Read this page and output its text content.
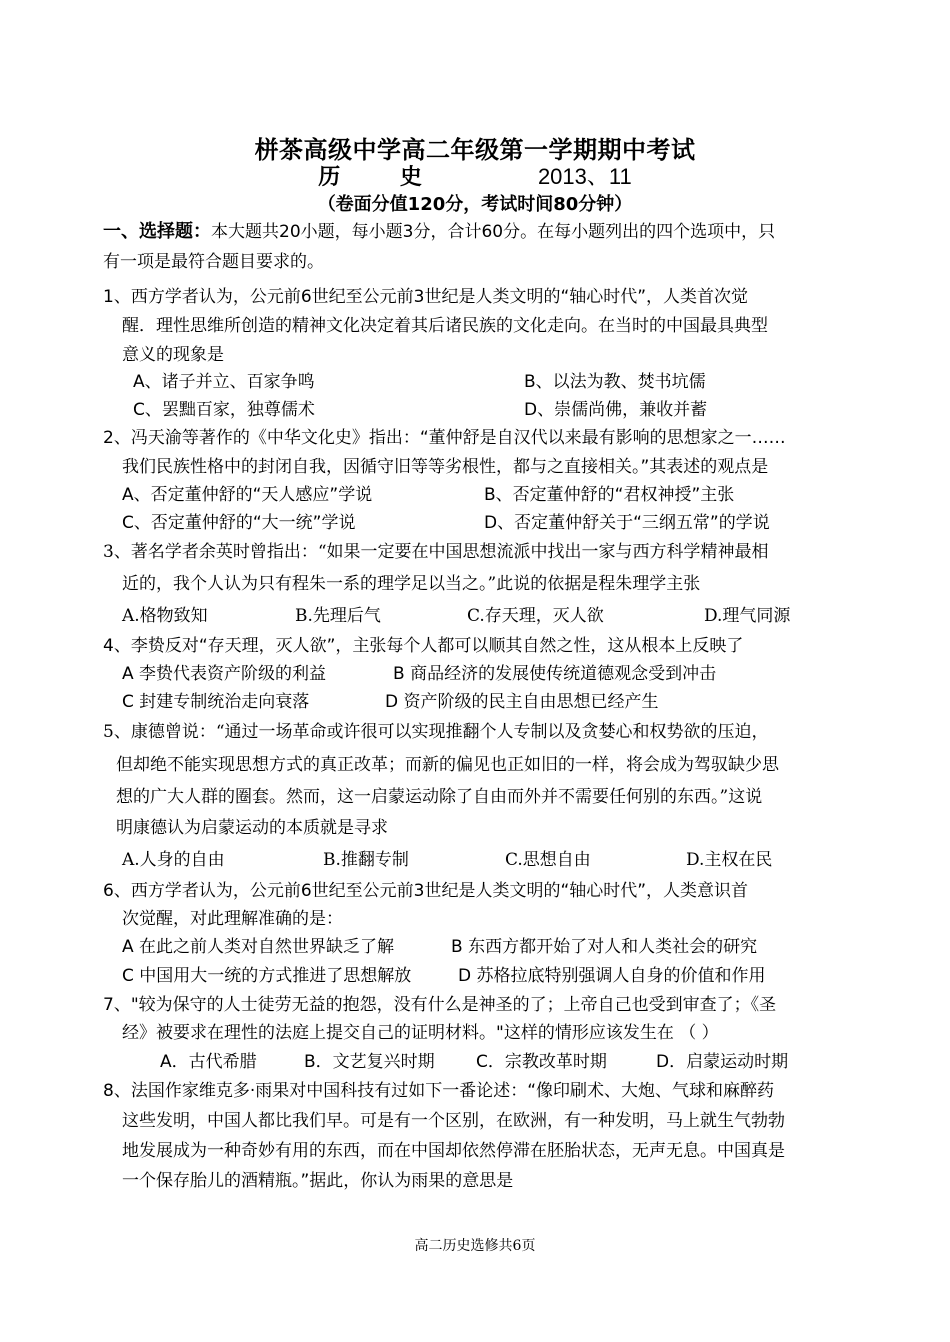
栟茶高级中学高二年级第一学期期中考试
历 史	2013、11
（卷面分值120分，考试时间80分钟）
一、选择题：本大题共20小题，每小题3分，合计60分。在每小题列出的四个选项中，只
有一项是最符合题目要求的。
1、西方学者认为，公元前6世纪至公元前3世纪是人类文明的“轴心时代”，人类首次觉
醒．理性思维所创造的精神文化决定着其后诸民族的文化走向。在当时的中国最具典型
意义的现象是
A、诸子并立、百家争鸣	B、以法为教、焚书坑儒
C、罢黜百家，独尊儒术	D、崇儒尚佛，兼收并蓄
2、冯天渝等著作的《中华文化史》指出：“董仲舒是自汉代以来最有影响的思想家之一……
我们民族性格中的封闭自我，因循守旧等等劣根性，都与之直接相关。”其表述的观点是
A、否定董仲舒的“天人感应”学说	B、否定董仲舒的“君权神授”主张
C、否定董仲舒的“大一统”学说	D、否定董仲舒关于“三纲五常”的学说
3、著名学者余英时曾指出：“如果一定要在中国思想流派中找出一家与西方科学精神最相
近的，我个人认为只有程朱一系的理学足以当之。”此说的依据是程朱理学主张
A.格物致知	B.先理后气	C.存天理，灭人欲	D.理气同源
4、李贽反对“存天理，灭人欲”，主张每个人都可以顺其自然之性，这从根本上反映了
A 李贽代表资产阶级的利益	B 商品经济的发展使传统道德观念受到冲击
C 封建专制统治走向衰落	D 资产阶级的民主自由思想已经产生
5、康德曾说：“通过一场革命或许很可以实现推翻个人专制以及贪婪心和权势欲的压迫，
但却绝不能实现思想方式的真正改革；而新的偏见也正如旧的一样，将会成为驾驭缺少思
想的广大人群的圈套。然而，这一启蒙运动除了自由而外并不需要任何别的东西。”这说
明康德认为启蒙运动的本质就是寻求
A.人身的自由	B.推翻专制	C.思想自由	D.主权在民
6、西方学者认为，公元前6世纪至公元前3世纪是人类文明的“轴心时代”，人类意识首
次觉醒，对此理解准确的是：
A 在此之前人类对自然世界缺乏了解	B 东西方都开始了对人和人类社会的研究
C 中国用大一统的方式推进了思想解放	D 苏格拉底特别强调人自身的价值和作用
7、"较为保守的人士徒劳无益的抱怨，没有什么是神圣的了；上帝自己也受到审查了；《圣
经》被要求在理性的法庭上提交自己的证明材料。"这样的情形应该发生在 （ ）
A．古代希腊	B．文艺复兴时期 C．宗教改革时期	D．启蒙运动时期
8、法国作家维克多·雨果对中国科技有过如下一番论述：“像印刷术、大炮、气球和麻醉药
这些发明，中国人都比我们早。可是有一个区别，在欧洲，有一种发明，马上就生气勃勃
地发展成为一种奇妙有用的东西，而在中国却依然停滞在胚胎状态，无声无息。中国真是
一个保存胎儿的酒精瓶。”据此，你认为雨果的意思是
高二历史选修共6页
